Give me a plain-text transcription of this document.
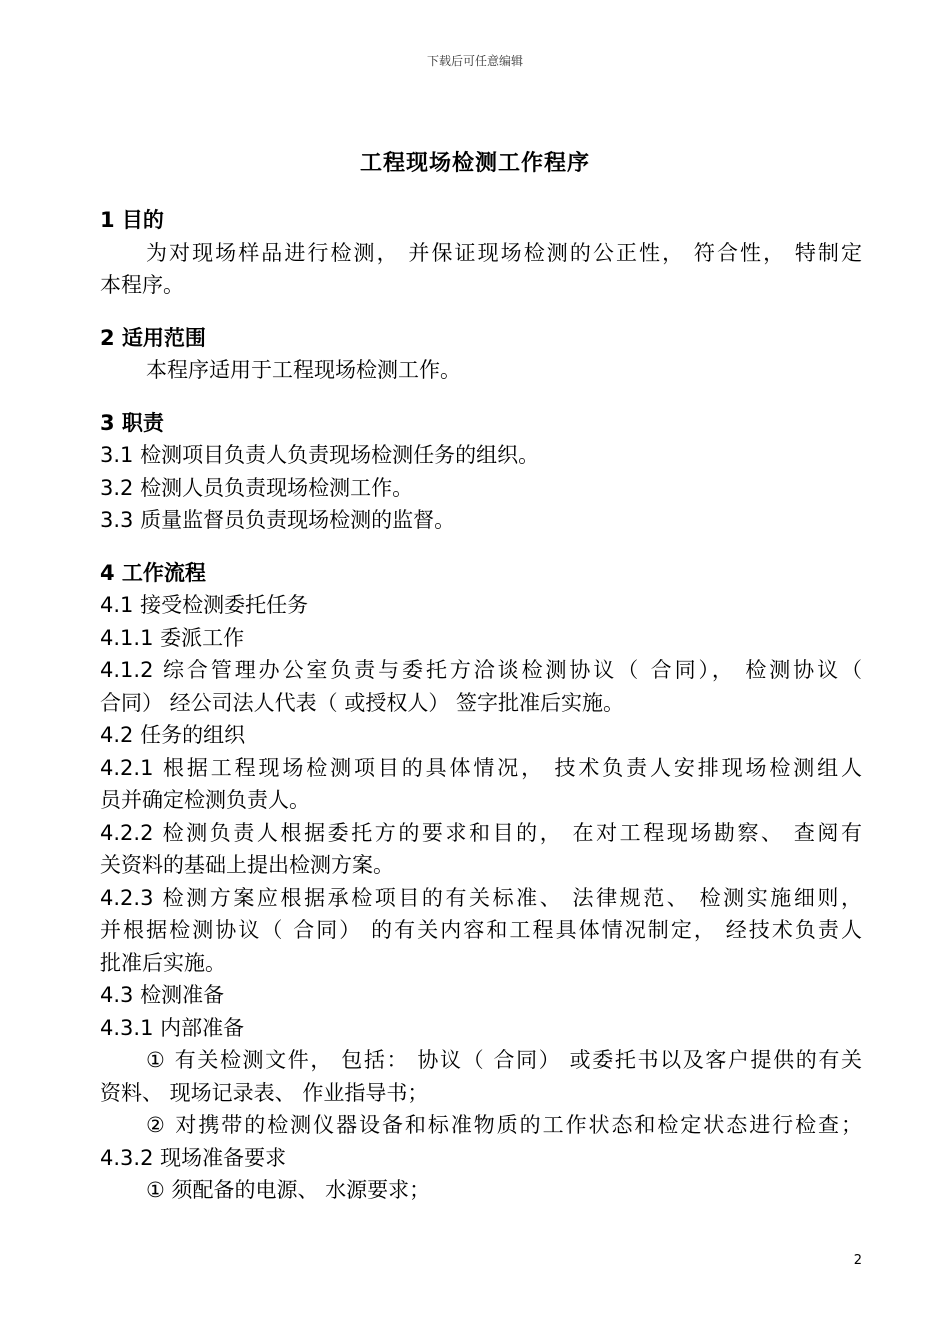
下载后可任意编辑
工程现场检测工作程序
1 目的
为对现场样品进行检测， 并保证现场检测的公正性， 符合性， 特制定
本程序。
2 适用范围
本程序适用于工程现场检测工作。
3 职责
3.1 检测项目负责人负责现场检测任务的组织。
3.2 检测人员负责现场检测工作。
3.3 质量监督员负责现场检测的监督。
4 工作流程
4.1 接受检测委托任务
4.1.1 委派工作
4.1.2 综合管理办公室负责与委托方洽谈检测协议（ 合同）， 检测协议（
合同） 经公司法人代表（ 或授权人） 签字批准后实施。
4.2 任务的组织
4.2.1 根据工程现场检测项目的具体情况， 技术负责人安排现场检测组人
员并确定检测负责人。
4.2.2 检测负责人根据委托方的要求和目的， 在对工程现场勘察、 查阅有
关资料的基础上提出检测方案。
4.2.3 检测方案应根据承检项目的有关标准、 法律规范、 检测实施细则，
并根据检测协议（ 合同） 的有关内容和工程具体情况制定， 经技术负责人
批准后实施。
4.3 检测准备
4.3.1 内部准备
① 有关检测文件， 包括： 协议（ 合同） 或委托书以及客户提供的有关
资料、 现场记录表、 作业指导书；
② 对携带的检测仪器设备和标准物质的工作状态和检定状态进行检查；
4.3.2 现场准备要求
① 须配备的电源、 水源要求；
2
